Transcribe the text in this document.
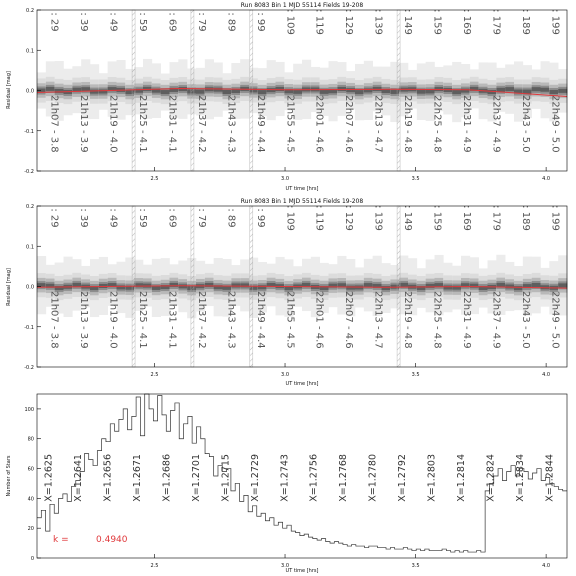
: 29
21h07 - 3.8
: 39
21h13 - 3.9
: 49
21h19 - 4.0
: 59
21h25 - 4.1
: 69
21h31 - 4.1
: 79
21h37 - 4.2
: 89
21h43 - 4.3
: 99
21h49 - 4.4
: 109
21h55 - 4.5
: 119
22h01 - 4.6
: 129
22h07 - 4.6
: 139
22h13 - 4.7
: 149
22h19 - 4.8
: 159
22h25 - 4.8
: 169
22h31 - 4.9
: 179
22h37 - 4.9
: 189
22h43 - 5.0
: 199
22h49 - 5.0
2.5	3.0	3.5	4.0
-0.2
-0.1
0.0
0.1
0.2
Run 8083 Bin 1 MJD 55114 Fields 19-208
UT time [hrs]
Residual [mag]
: 29
21h07 - 3.8
: 39
21h13 - 3.9
: 49
21h19 - 4.0
: 59
21h25 - 4.1
: 69
21h31 - 4.1
: 79
21h37 - 4.2
: 89
21h43 - 4.3
: 99
21h49 - 4.4
: 109
21h55 - 4.5
: 119
22h01 - 4.6
: 129
22h07 - 4.6
: 139
22h13 - 4.7
: 149
22h19 - 4.8
: 159
22h25 - 4.8
: 169
22h31 - 4.9
: 179
22h37 - 4.9
: 189
22h43 - 5.0
: 199
22h49 - 5.0
2.5	3.0	3.5	4.0
-0.2
-0.1
0.0
0.1
0.2
Run 8083 Bin 1 MJD 55114 Fields 19-208
UT time [hrs]
Residual [mag]
X=1.2625 X=1.2641 X=1.2656 X=1.2671 X=1.2686 X=1.2701 X=1.2715 X=1.2729 X=1.2743 X=1.2756 X=1.2768 X=1.2780 X=1.2792 X=1.2803 X=1.2814 X=1.2824 X=1.2834 X=1.2844
2.5	3.0	3.5	4.0
0
20
40
60
80
100
k =	0.4940
UT time [hrs]
Number of Stars
